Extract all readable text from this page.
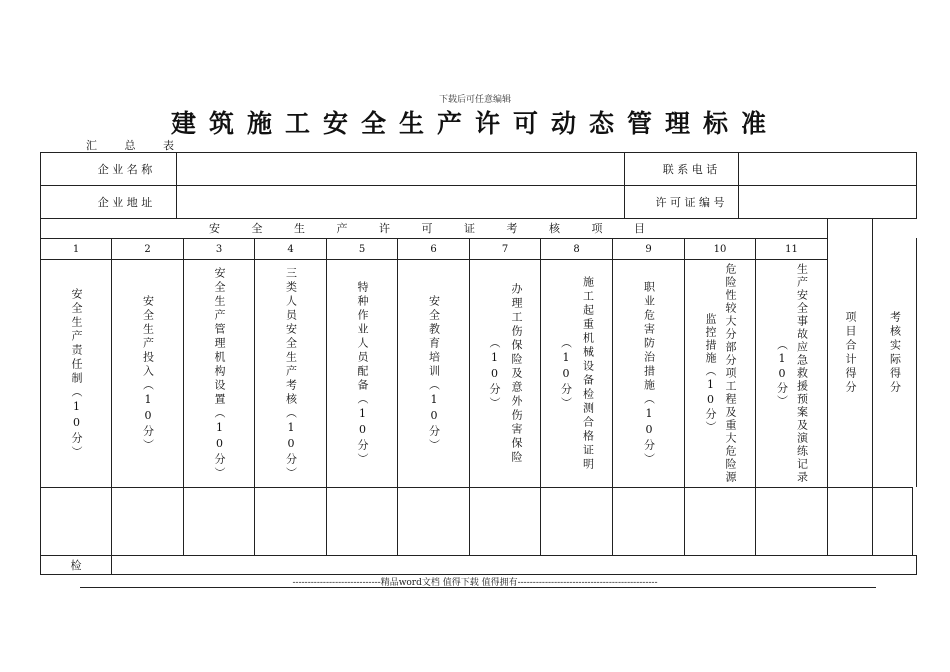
下载后可任意编辑
建筑施工安全生产许可动态管理标准
汇 总 表
企 业 名 称	联 系 电 话
企 业 地 址	许 可 证 编 号
安 全 生 产 许 可 证 考 核 项 目
1	2	3	4	5	6	7	8	9	10	11
安全生产责任制（10分）	安全生产投入（10分）	安全生产管理机构设置（10分）	三类人员安全生产考核（10分）	特种作业人员配备（10分）	安全教育培训（10分）	办理工伤保险及意外伤害保险（10分）	施工起重机械设备检测合格证明（10分）	职业危害防治措施（10分）	危险性较大分部分项工程及重大危险源监控措施（10分）	生产安全事故应急救援预案及演练记录（10分）	项目合计得分	考核实际得分
检
-----------------------------精品word文档 值得下载 值得拥有----------------------------------------------
